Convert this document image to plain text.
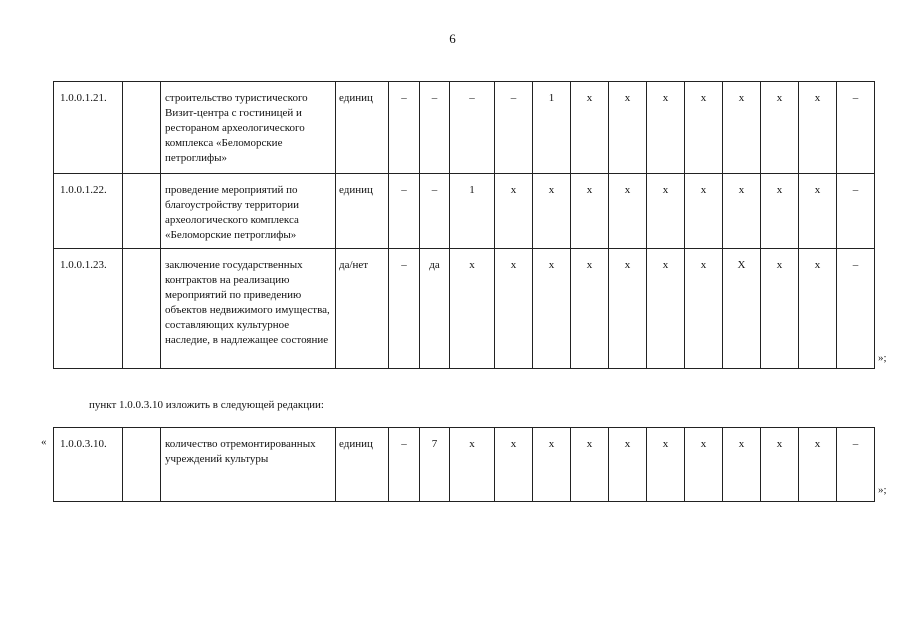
6
1.0.0.1.21.		строительство туристического Визит-центра с гостиницей и рестораном археологического комплекса «Беломорские петроглифы»	единиц	–	–	–	–	1	х	х	х	х	х	х	х	–
1.0.0.1.22.		проведение мероприятий по благоустройству территории археологического комплекса «Беломорские петроглифы»	единиц	–	–	1	х	х	х	х	х	х	х	х	х	–
1.0.0.1.23.		заключение государственных контрактов на реализацию мероприятий по приведению объектов недвижимого имущества, составляющих культурное наследие, в надлежащее состояние	да/нет	–	да	х	х	х	х	х	х	х	Х	х	х	–
»;
пункт 1.0.0.3.10 изложить в следующей редакции:
« 1.0.0.3.10.		количество отремонтированных учреждений культуры	единиц	–	7	х	х	х	х	х	х	х	х	х	х	–
»;
